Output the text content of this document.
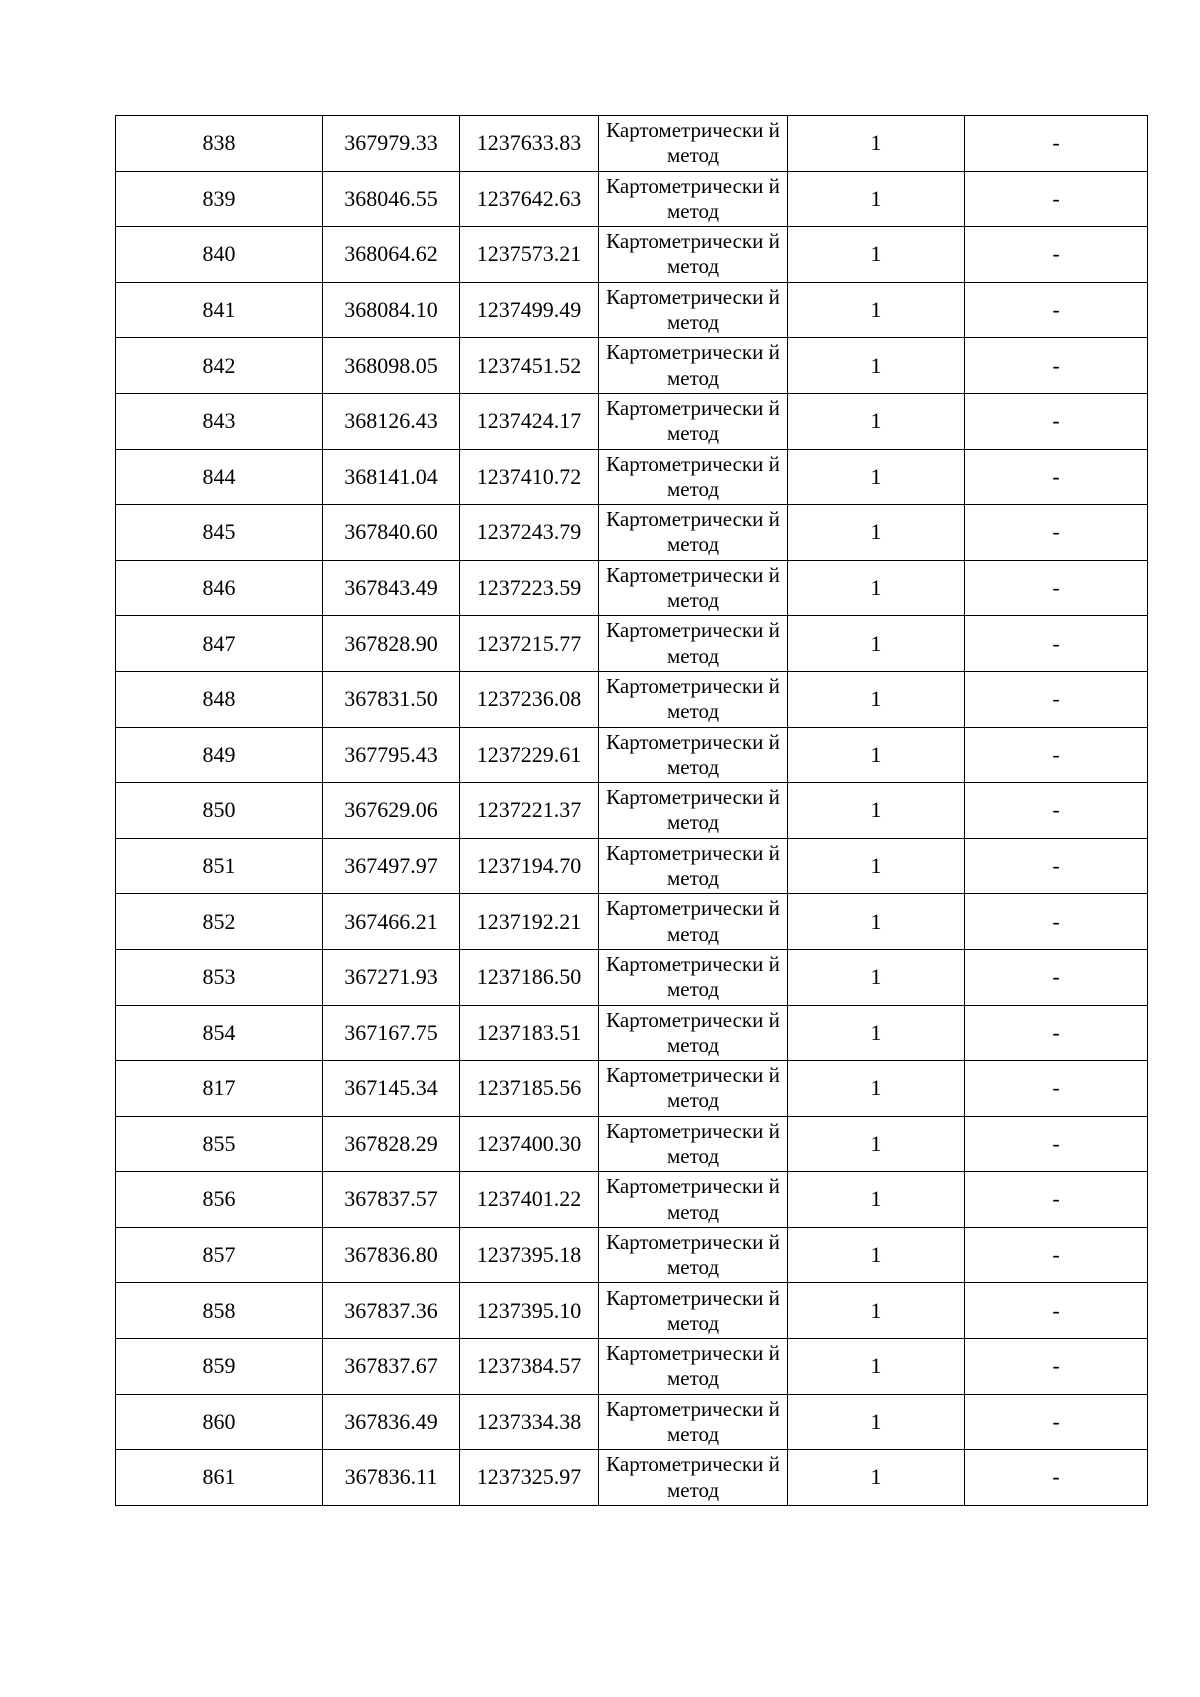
838	367979.33	1237633.83	Картометрически й метод	1	-
839	368046.55	1237642.63	Картометрически й метод	1	-
840	368064.62	1237573.21	Картометрически й метод	1	-
841	368084.10	1237499.49	Картометрически й метод	1	-
842	368098.05	1237451.52	Картометрически й метод	1	-
843	368126.43	1237424.17	Картометрически й метод	1	-
844	368141.04	1237410.72	Картометрически й метод	1	-
845	367840.60	1237243.79	Картометрически й метод	1	-
846	367843.49	1237223.59	Картометрически й метод	1	-
847	367828.90	1237215.77	Картометрически й метод	1	-
848	367831.50	1237236.08	Картометрически й метод	1	-
849	367795.43	1237229.61	Картометрически й метод	1	-
850	367629.06	1237221.37	Картометрически й метод	1	-
851	367497.97	1237194.70	Картометрически й метод	1	-
852	367466.21	1237192.21	Картометрически й метод	1	-
853	367271.93	1237186.50	Картометрически й метод	1	-
854	367167.75	1237183.51	Картометрически й метод	1	-
817	367145.34	1237185.56	Картометрически й метод	1	-
855	367828.29	1237400.30	Картометрически й метод	1	-
856	367837.57	1237401.22	Картометрически й метод	1	-
857	367836.80	1237395.18	Картометрически й метод	1	-
858	367837.36	1237395.10	Картометрически й метод	1	-
859	367837.67	1237384.57	Картометрически й метод	1	-
860	367836.49	1237334.38	Картометрически й метод	1	-
861	367836.11	1237325.97	Картометрически й метод	1	-
